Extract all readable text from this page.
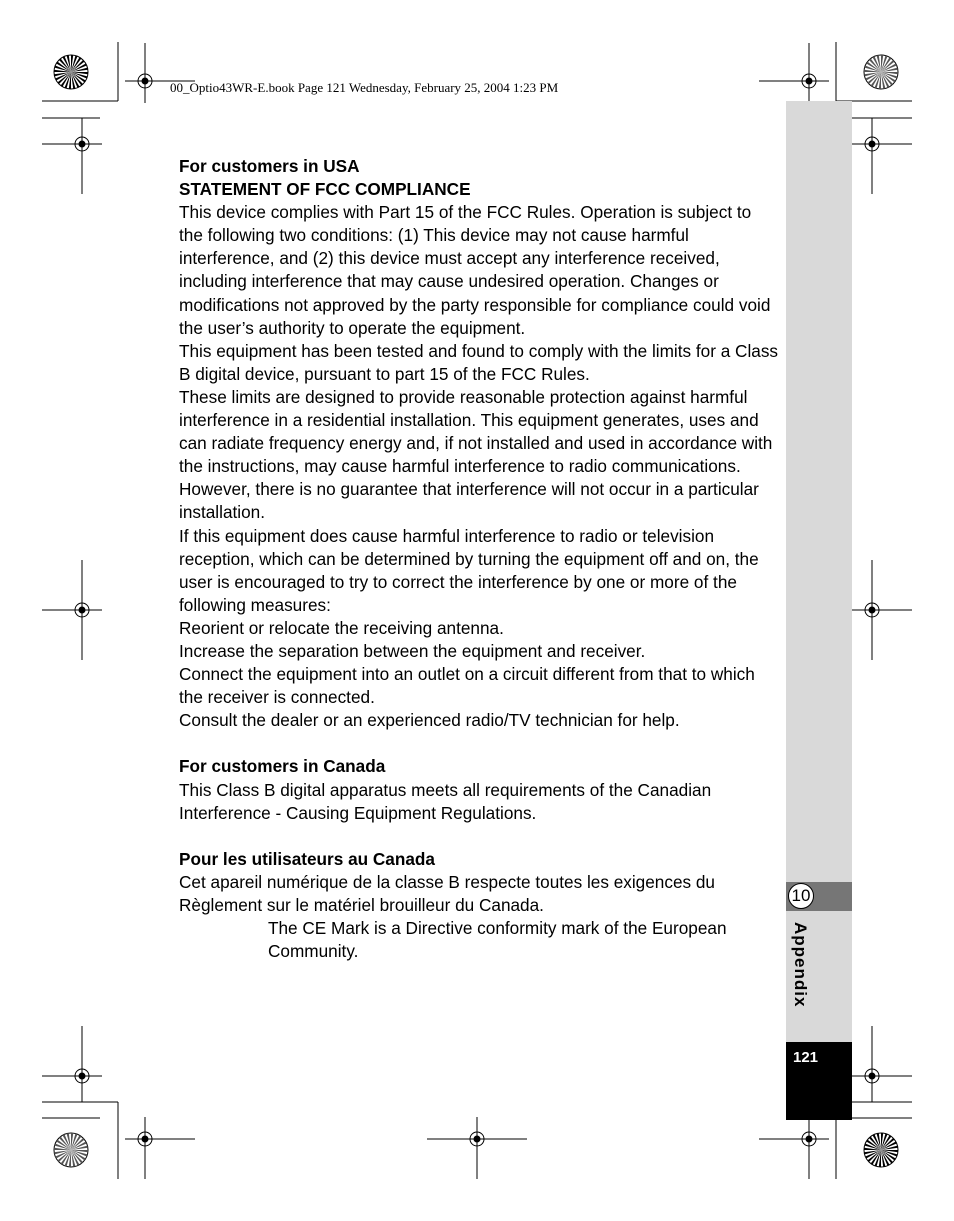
00_Optio43WR-E.book Page 121 Wednesday, February 25, 2004 1:23 PM

For customers in USA

STATEMENT OF FCC COMPLIANCE

This device complies with Part 15 of the FCC Rules. Operation is subject to the following two conditions: (1) This device may not cause harmful interference, and (2) this device must accept any interference received, including interference that may cause undesired operation. Changes or modifications not approved by the party responsible for compliance could void the user’s authority to operate the equipment.

This equipment has been tested and found to comply with the limits for a Class B digital device, pursuant to part 15 of the FCC Rules.

These limits are designed to provide reasonable protection against harmful interference in a residential installation. This equipment generates, uses and can radiate frequency energy and, if not installed and used in accordance with the instructions, may cause harmful interference to radio communications. However, there is no guarantee that interference will not occur in a particular installation.

If this equipment does cause harmful interference to radio or television reception, which can be determined by turning the equipment off and on, the user is encouraged to try to correct the interference by one or more of the following measures:

Reorient or relocate the receiving antenna.

Increase the separation between the equipment and receiver.

Connect the equipment into an outlet on a circuit different from that to which the receiver is connected.

Consult the dealer or an experienced radio/TV technician for help.

For customers in Canada

This Class B digital apparatus meets all requirements of the Canadian Interference - Causing Equipment Regulations.

Pour les utilisateurs au Canada

Cet apareil numérique de la classe B respecte toutes les exigences du Règlement sur le matériel brouilleur du Canada.

The CE Mark is a Directive conformity mark of the European Community.

10
Appendix
121
